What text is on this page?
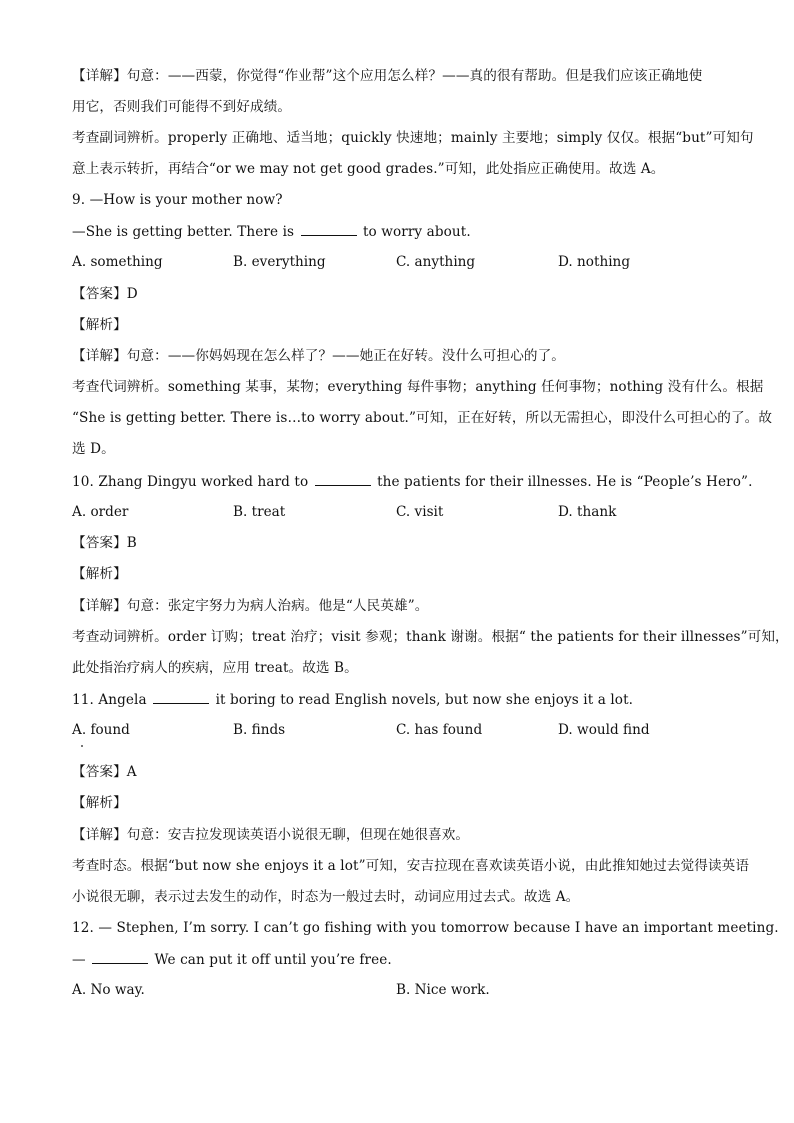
【详解】句意：——西蒙，你觉得“作业帮”这个应用怎么样？——真的很有帮助。但是我们应该正确地使
用它，否则我们可能得不到好成绩。
考查副词辨析。properly 正确地、适当地；quickly 快速地；mainly 主要地；simply 仅仅。根据“but”可知句
意上表示转折，再结合“or we may not get good grades.”可知，此处指应正确使用。故选 A。
9. —How is your mother now?
—She is getting better. There is	to worry about.
A. something	B. everything	C. anything	D. nothing
【答案】D
【解析】
【详解】句意：——你妈妈现在怎么样了？——她正在好转。没什么可担心的了。
考查代词辨析。something 某事，某物；everything 每件事物；anything 任何事物；nothing 没有什么。根据
“She is getting better. There is…to worry about.”可知，正在好转，所以无需担心，即没什么可担心的了。故
选 D。
10. Zhang Dingyu worked hard to	the patients for their illnesses. He is “People’s Hero”.
A. order	B. treat	C. visit	D. thank
【答案】B
【解析】
【详解】句意：张定宇努力为病人治病。他是“人民英雄”。
考查动词辨析。order 订购；treat 治疗；visit 参观；thank 谢谢。根据“ the patients for their illnesses”可知，
此处指治疗病人的疾病，应用 treat。故选 B。
11. Angela	it boring to read English novels, but now she enjoys it a lot.
A. found	B. finds	C. has found	D. would find
【答案】A
【解析】
【详解】句意：安吉拉发现读英语小说很无聊，但现在她很喜欢。
考查时态。根据“but now she enjoys it a lot”可知，安吉拉现在喜欢读英语小说，由此推知她过去觉得读英语
小说很无聊，表示过去发生的动作，时态为一般过去时，动词应用过去式。故选 A。
12. — Stephen, I’m sorry. I can’t go fishing with you tomorrow because I have an important meeting.
—	We can put it off until you’re free.
A. No way.	B. Nice work.
